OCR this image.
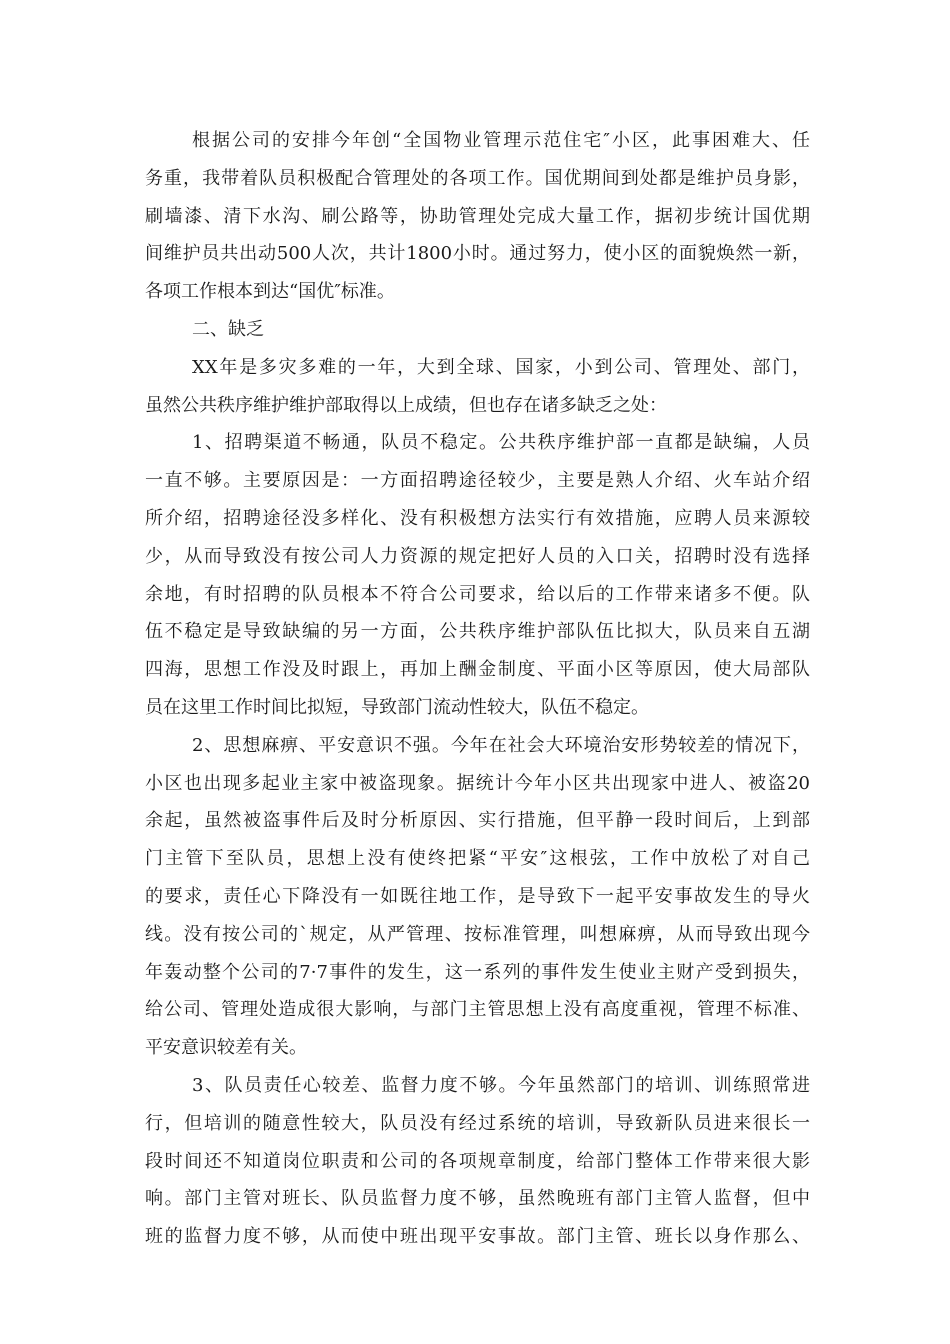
根据公司的安排今年创“全国物业管理示范住宅″小区，此事困难大、任
务重，我带着队员积极配合管理处的各项工作。国优期间到处都是维护员身影，
刷墙漆、清下水沟、刷公路等，协助管理处完成大量工作，据初步统计国优期
间维护员共出动500人次，共计1800小时。通过努力，使小区的面貌焕然一新，
各项工作根本到达“国优″标准。
二、缺乏
XX年是多灾多难的一年，大到全球、国家，小到公司、管理处、部门，
虽然公共秩序维护维护部取得以上成绩，但也存在诸多缺乏之处：
1、招聘渠道不畅通，队员不稳定。公共秩序维护部一直都是缺编，人员
一直不够。主要原因是：一方面招聘途径较少，主要是熟人介绍、火车站介绍
所介绍，招聘途径没多样化、没有积极想方法实行有效措施，应聘人员来源较
少，从而导致没有按公司人力资源的规定把好人员的入口关，招聘时没有选择
余地，有时招聘的队员根本不符合公司要求，给以后的工作带来诸多不便。队
伍不稳定是导致缺编的另一方面，公共秩序维护部队伍比拟大，队员来自五湖
四海，思想工作没及时跟上，再加上酬金制度、平面小区等原因，使大局部队
员在这里工作时间比拟短，导致部门流动性较大，队伍不稳定。
2、思想麻痹、平安意识不强。今年在社会大环境治安形势较差的情况下，
小区也出现多起业主家中被盗现象。据统计今年小区共出现家中进人、被盗20
余起，虽然被盗事件后及时分析原因、实行措施，但平静一段时间后，上到部
门主管下至队员，思想上没有使终把紧“平安″这根弦，工作中放松了对自己
的要求，责任心下降没有一如既往地工作，是导致下一起平安事故发生的导火
线。没有按公司的`规定，从严管理、按标准管理，叫想麻痹，从而导致出现今
年轰动整个公司的7·7事件的发生，这一系列的事件发生使业主财产受到损失，
给公司、管理处造成很大影响，与部门主管思想上没有高度重视，管理不标准、
平安意识较差有关。
3、队员责任心较差、监督力度不够。今年虽然部门的培训、训练照常进
行，但培训的随意性较大，队员没有经过系统的培训，导致新队员进来很长一
段时间还不知道岗位职责和公司的各项规章制度，给部门整体工作带来很大影
响。部门主管对班长、队员监督力度不够，虽然晚班有部门主管人监督，但中
班的监督力度不够，从而使中班出现平安事故。部门主管、班长以身作那么、
